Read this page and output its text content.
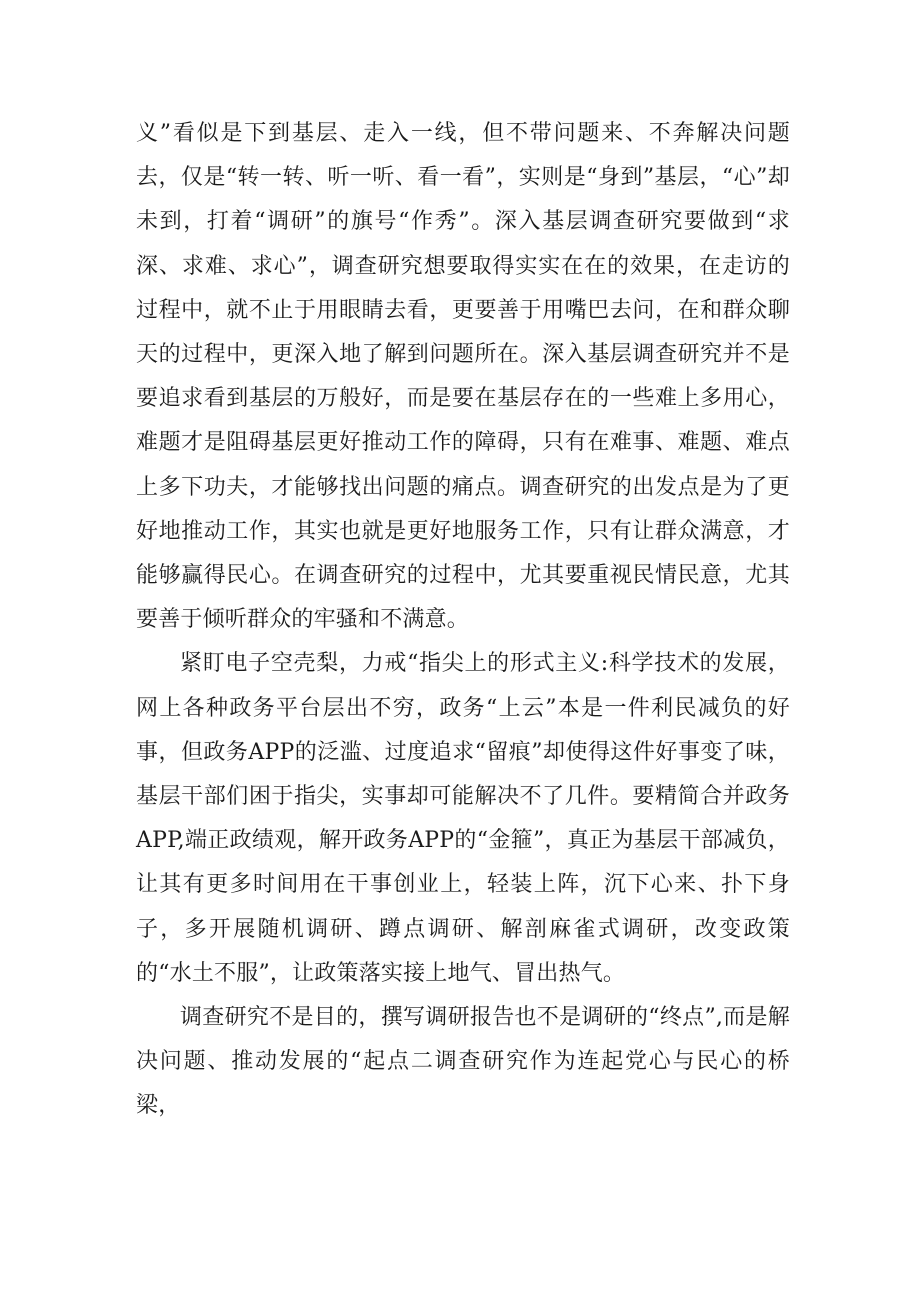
义”看似是下到基层、走入一线，但不带问题来、不奔解决问题去，仅是“转一转、听一听、看一看”，实则是“身到”基层，“心”却未到，打着“调研”的旗号“作秀”。深入基层调查研究要做到“求深、求难、求心”，调查研究想要取得实实在在的效果，在走访的过程中，就不止于用眼睛去看，更要善于用嘴巴去问，在和群众聊天的过程中，更深入地了解到问题所在。深入基层调查研究并不是要追求看到基层的万般好，而是要在基层存在的一些难上多用心，难题才是阻碍基层更好推动工作的障碍，只有在难事、难题、难点上多下功夫，才能够找出问题的痛点。调查研究的出发点是为了更好地推动工作，其实也就是更好地服务工作，只有让群众满意，才能够赢得民心。在调查研究的过程中，尤其要重视民情民意，尤其要善于倾听群众的牢骚和不满意。

紧盯电子空壳梨，力戒“指尖上的形式主义:科学技术的发展，网上各种政务平台层出不穷，政务“上云”本是一件利民减负的好事，但政务APP的泛滥、过度追求“留痕”却使得这件好事变了味，基层干部们困于指尖，实事却可能解决不了几件。要精简合并政务APP,端正政绩观，解开政务APP的“金箍”，真正为基层干部减负，让其有更多时间用在干事创业上，轻装上阵，沉下心来、扑下身子，多开展随机调研、蹲点调研、解剖麻雀式调研，改变政策的“水土不服”，让政策落实接上地气、冒出热气。

调查研究不是目的，撰写调研报告也不是调研的“终点”,而是解决问题、推动发展的“起点二调查研究作为连起党心与民心的桥梁，
